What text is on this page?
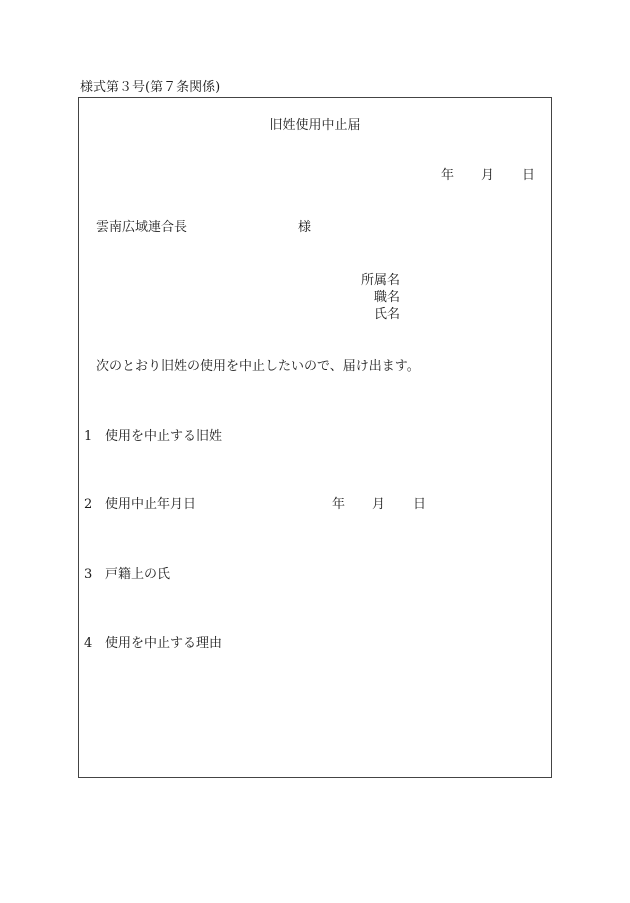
様式第３号(第７条関係)
旧姓使用中止届
年 月 日
雲南広域連合長	様
所属名
職名
氏名
次のとおり旧姓の使用を中止したいので、届け出ます。
1 使用を中止する旧姓
2 使用中止年月日	年 月 日
3 戸籍上の氏
4 使用を中止する理由
